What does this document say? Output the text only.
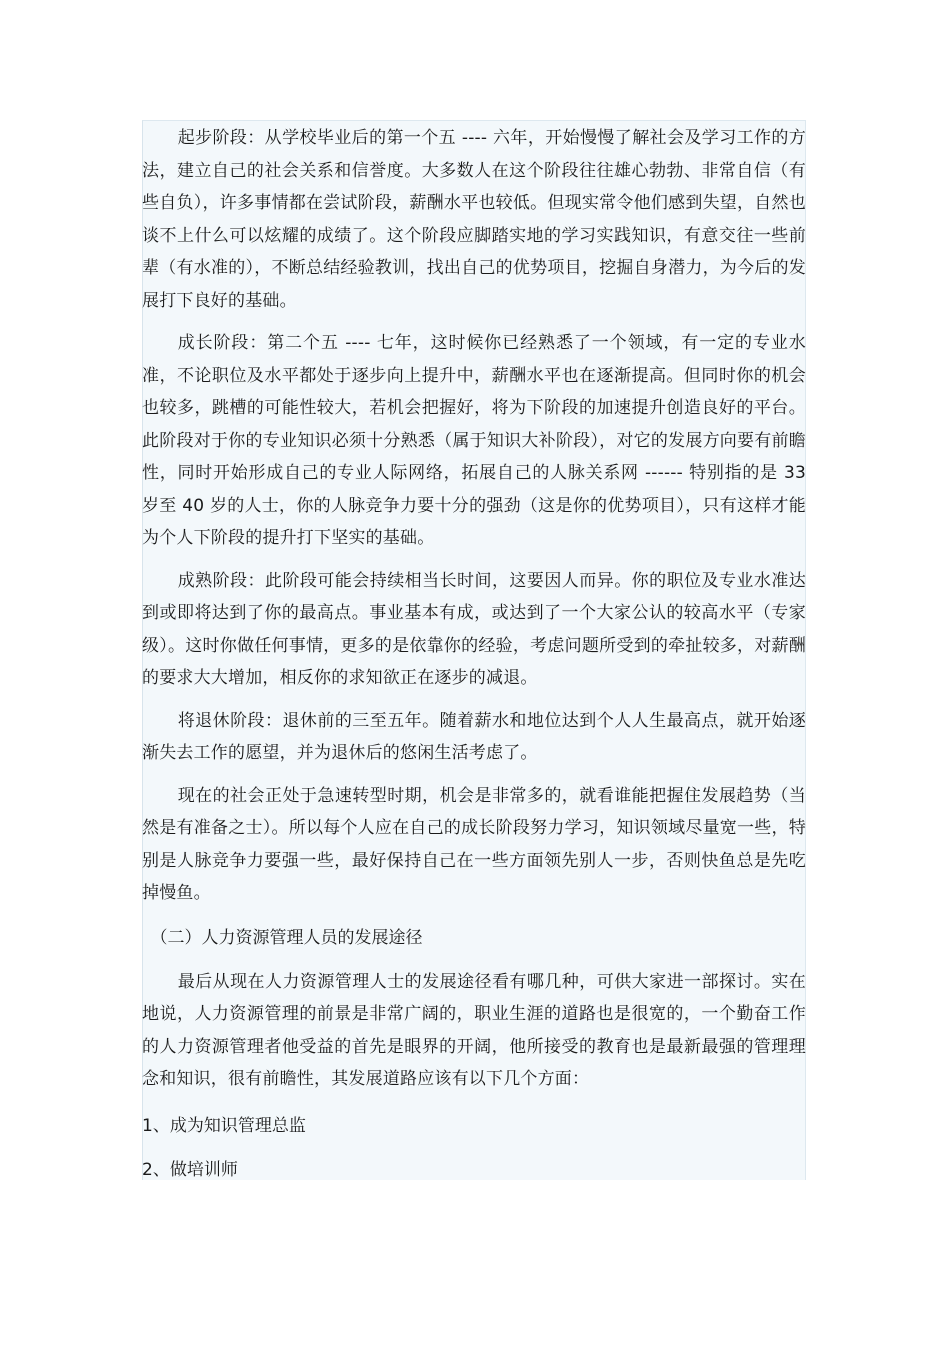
起步阶段：从学校毕业后的第一个五 ---- 六年，开始慢慢了解社会及学习工作的方法，建立自己的社会关系和信誉度。大多数人在这个阶段往往雄心勃勃、非常自信（有些自负），许多事情都在尝试阶段，薪酬水平也较低。但现实常令他们感到失望，自然也谈不上什么可以炫耀的成绩了。这个阶段应脚踏实地的学习实践知识，有意交往一些前辈（有水准的），不断总结经验教训，找出自己的优势项目，挖掘自身潜力，为今后的发展打下良好的基础。

成长阶段：第二个五 ---- 七年，这时候你已经熟悉了一个领域，有一定的专业水准，不论职位及水平都处于逐步向上提升中，薪酬水平也在逐渐提高。但同时你的机会也较多，跳槽的可能性较大，若机会把握好，将为下阶段的加速提升创造良好的平台。此阶段对于你的专业知识必须十分熟悉（属于知识大补阶段），对它的发展方向要有前瞻性，同时开始形成自己的专业人际网络，拓展自己的人脉关系网 ------ 特别指的是 33 岁至 40 岁的人士，你的人脉竞争力要十分的强劲（这是你的优势项目），只有这样才能为个人下阶段的提升打下坚实的基础。

成熟阶段：此阶段可能会持续相当长时间，这要因人而异。你的职位及专业水准达到或即将达到了你的最高点。事业基本有成，或达到了一个大家公认的较高水平（专家级）。这时你做任何事情，更多的是依靠你的经验，考虑问题所受到的牵扯较多，对薪酬的要求大大增加，相反你的求知欲正在逐步的减退。

将退休阶段：退休前的三至五年。随着薪水和地位达到个人人生最高点，就开始逐渐失去工作的愿望，并为退休后的悠闲生活考虑了。

现在的社会正处于急速转型时期，机会是非常多的，就看谁能把握住发展趋势（当然是有准备之士）。所以每个人应在自己的成长阶段努力学习，知识领域尽量宽一些，特别是人脉竞争力要强一些，最好保持自己在一些方面领先别人一步，否则快鱼总是先吃掉慢鱼。

（二）人力资源管理人员的发展途径

最后从现在人力资源管理人士的发展途径看有哪几种，可供大家进一部探讨。实在地说，人力资源管理的前景是非常广阔的，职业生涯的道路也是很宽的，一个勤奋工作的人力资源管理者他受益的首先是眼界的开阔，他所接受的教育也是最新最强的管理理念和知识，很有前瞻性，其发展道路应该有以下几个方面：

1、成为知识管理总监

2、做培训师
